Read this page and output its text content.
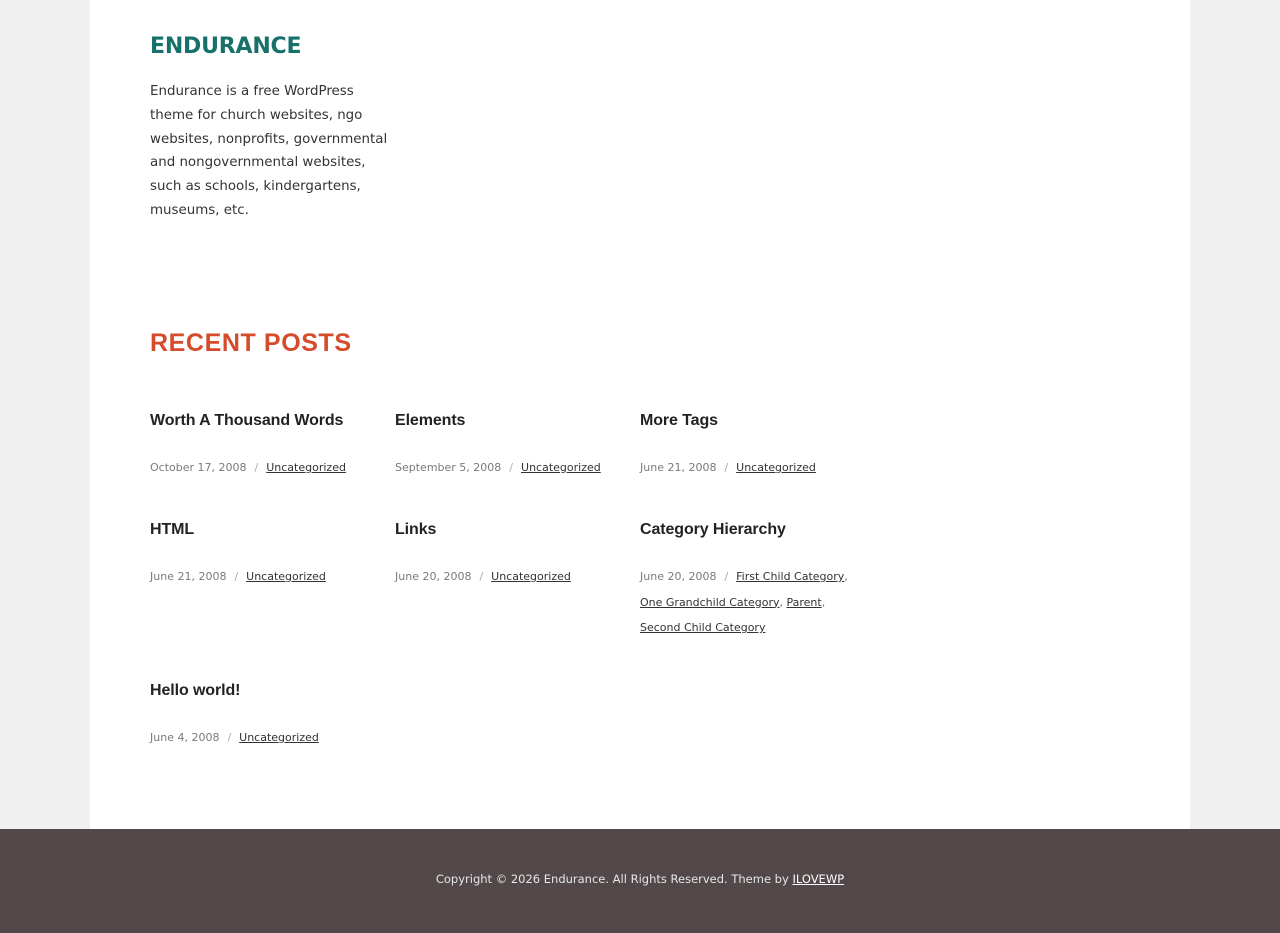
ENDURANCE

Endurance is a free WordPress theme for church websites, ngo websites, nonprofits, governmental and nongovernmental websites, such as schools, kindergartens, museums, etc.

RECENT POSTS
Worth A Thousand Words
October 17, 2008 / Uncategorized
Elements
September 5, 2008 / Uncategorized
More Tags
June 21, 2008 / Uncategorized
HTML
June 21, 2008 / Uncategorized
Links
June 20, 2008 / Uncategorized
Category Hierarchy
June 20, 2008 / First Child Category, One Grandchild Category, Parent, Second Child Category
Hello world!
June 4, 2008 / Uncategorized
Copyright © 2026 Endurance. All Rights Reserved. Theme by ILOVEWP
